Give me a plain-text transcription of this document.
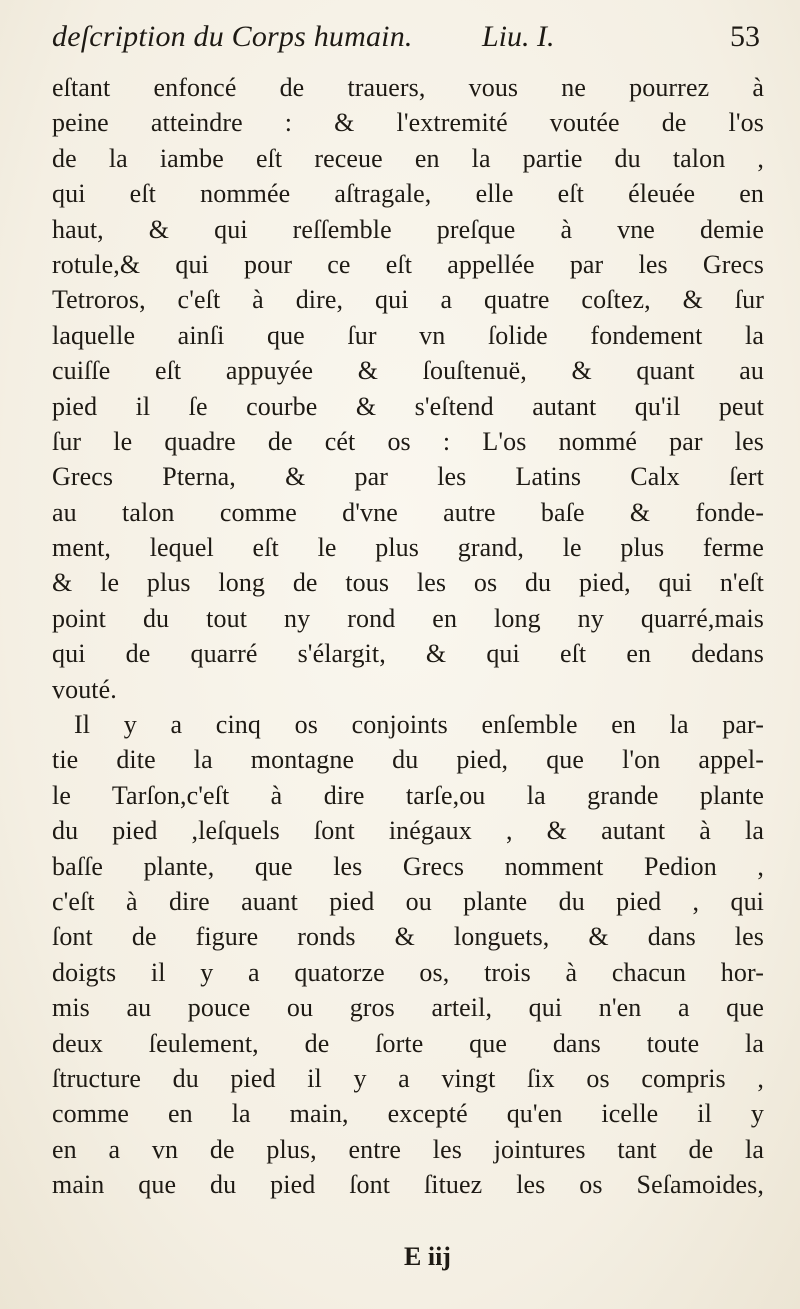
deſcription du Corps humain. Liu. I.	53
eſtant enfoncé de trauers, vous ne pourrez à
peine atteindre : & l'extremité voutée de l'os
de la iambe eſt receue en la partie du talon ,
qui eſt nommée aſtragale, elle eſt éleuée en
haut, & qui reſſemble preſque à vne demie
rotule,& qui pour ce eſt appellée par les Grecs
Tetroros, c'eſt à dire, qui a quatre coſtez, & ſur
laquelle ainſi que ſur vn ſolide fondement la
cuiſſe eſt appuyée & ſouſtenuë, & quant au
pied il ſe courbe & s'eſtend autant qu'il peut
ſur le quadre de cét os : L'os nommé par les
Grecs Pterna, & par les Latins Calx ſert
au talon comme d'vne autre baſe & fonde-
ment, lequel eſt le plus grand, le plus ferme
& le plus long de tous les os du pied, qui n'eſt
point du tout ny rond en long ny quarré,mais
qui de quarré s'élargit, & qui eſt en dedans
vouté.
Il y a cinq os conjoints enſemble en la par-
tie dite la montagne du pied, que l'on appel-
le Tarſon,c'eſt à dire tarſe,ou la grande plante
du pied ,leſquels ſont inégaux , & autant à la
baſſe plante, que les Grecs nomment Pedion ,
c'eſt à dire auant pied ou plante du pied , qui
ſont de figure ronds & longuets, & dans les
doigts il y a quatorze os, trois à chacun hor-
mis au pouce ou gros arteil, qui n'en a que
deux ſeulement, de ſorte que dans toute la
ſtructure du pied il y a vingt ſix os compris ,
comme en la main, excepté qu'en icelle il y
en a vn de plus, entre les jointures tant de la
main que du pied ſont ſituez les os Seſamoides,
E iij
